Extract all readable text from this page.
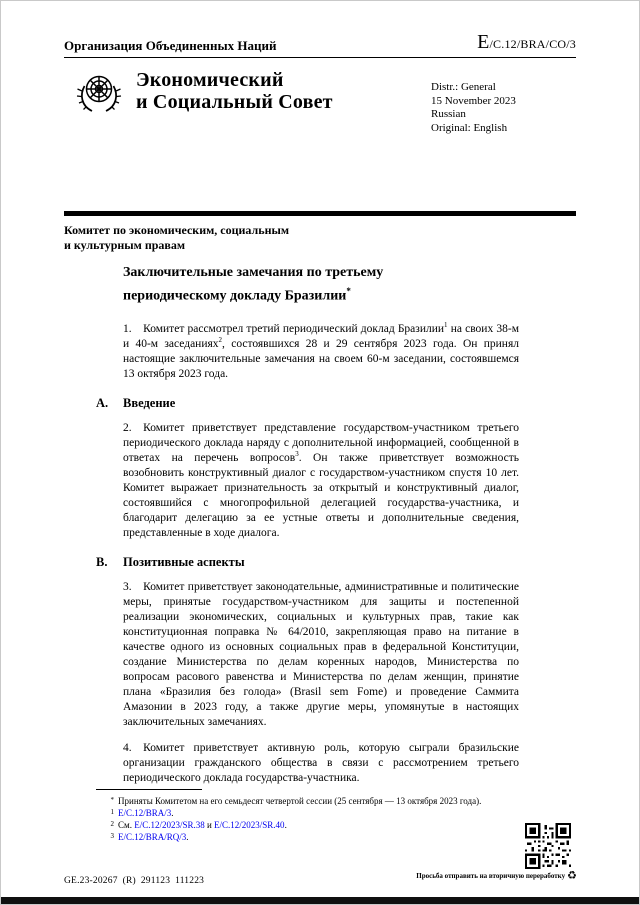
Организация Объединенных Наций	E/C.12/BRA/CO/3
Экономический
и Социальный Совет
Distr.: General
15 November 2023
Russian
Original: English
Комитет по экономическим, социальным
и культурным правам
Заключительные замечания по третьему периодическому докладу Бразилии*

1. Комитет рассмотрел третий периодический доклад Бразилии$^1$ на своих 38-м и 40-м заседаниях$^2$, состоявшихся 28 и 29 сентября 2023 года. Он принял настоящие заключительные замечания на своем 60-м заседании, состоявшемся 13 октября 2023 года.

A.	Введение

2. Комитет приветствует представление государством-участником третьего периодического доклада наряду с дополнительной информацией, сообщенной в ответах на перечень вопросов$^3$. Он также приветствует возможность возобновить конструктивный диалог с государством-участником спустя 10 лет. Комитет выражает признательность за открытый и конструктивный диалог, состоявшийся с многопрофильной делегацией государства-участника, и благодарит делегацию за ее устные ответы и дополнительные сведения, представленные в ходе диалога.

B.	Позитивные аспекты

3. Комитет приветствует законодательные, административные и политические меры, принятые государством-участником для защиты и постепенной реализации экономических, социальных и культурных прав, такие как конституционная поправка № 64/2010, закрепляющая право на питание в качестве одного из основных социальных прав в федеральной Конституции, создание Министерства по делам коренных народов, Министерства по вопросам расового равенства и Министерства по делам женщин, принятие плана «Бразилия без голода» (Brasil sem Fome) и проведение Саммита Амазонии в 2023 году, а также другие меры, упомянутые в настоящих заключительных замечаниях.

4. Комитет приветствует активную роль, которую сыграли бразильские организации гражданского общества в связи с рассмотрением третьего периодического доклада государства-участника.

* Приняты Комитетом на его семьдесят четвертой сессии (25 сентября — 13 октября 2023 года).
1 E/C.12/BRA/3.
2 См. E/C.12/2023/SR.38 и E/C.12/2023/SR.40.
3 E/C.12/BRA/RQ/3.
GE.23-20267 (R) 291123 111223
Просьба отправить на вторичную переработку ♻
